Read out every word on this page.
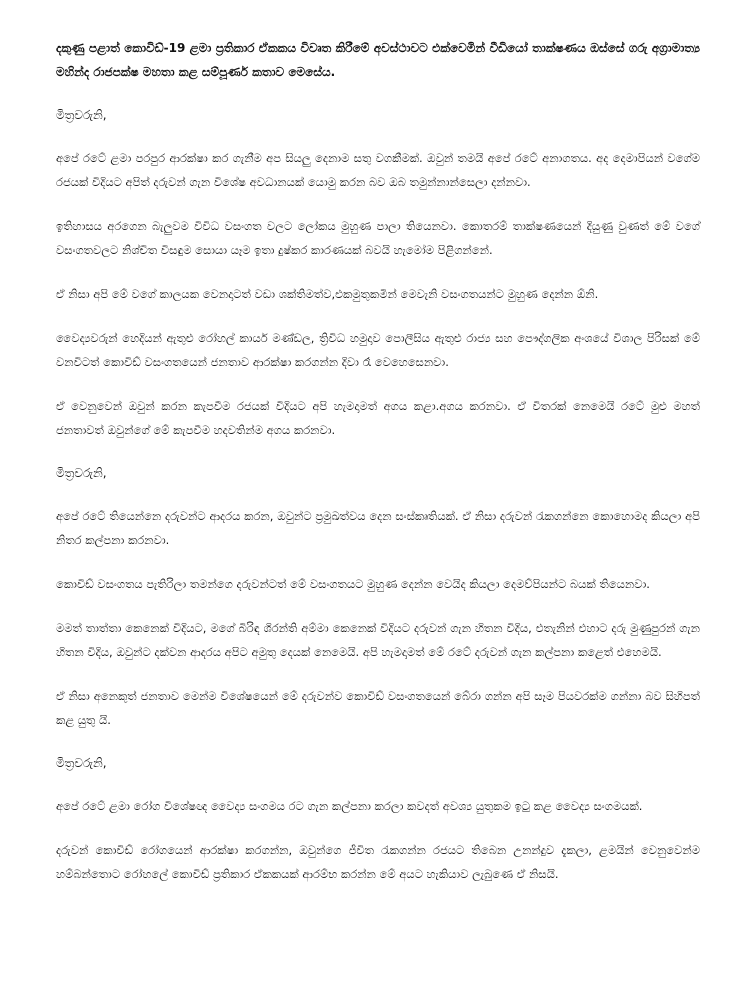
දකුණු පළාත් කොවිඩ්-19 ළමා ප්‍රතිකාර ඒකකය විවෘත කිරීමේ අවස්ථාවට එක්වෙමින් වීඩියෝ තාක්ෂණය ඔස්සේ ගරු අග්‍රාමාත්‍ය මහින්ද රාජපක්ෂ මහතා කළ සම්පූර්ණ කතාව මෙසේය.
මිත්‍රවරුනි,
අපේ රටේ ළමා පරපුර ආරක්ෂා කර ගැනීම අප සියලු දෙනාම සතු වගකීමක්. ඔවුන් තමයි අපේ රටේ අනාගතය. අද දෙමාපියන් වගේම රජයක් විදියට අපිත් දරුවන් ගැන විශේෂ අවධානයක් යොමු කරන බව ඔබ තමුන්නාන්සෙලා දන්නවා.
ඉතිහාසය අරගෙන බැලුවම විවිධ වසංගත වලට ලෝකය මුහුණ පාලා තියෙනවා. කොතරම් තාක්ෂණයෙන් දියුණු වුණත් මේ වගේ වසංගතවලට නිශ්චිත විසඳුම සොයා යෑම ඉතා දුෂ්කර කාරණයක් බවයි හැමෝම පිළිගන්නේ.
ඒ නිසා අපි මේ වගේ කාලයක වෙනදාටත් වඩා ශක්තිමත්ව,එකමුතුකමින් මෙවැනි වසංගතයන්ට මුහුණ දෙන්න ඕනි.
වෛද්‍යවරුන් හෙදියන් ඇතුළු රෝහල් කාර්ය මණ්ඩල, ත්‍රිවිධ හමුදාව පොලීසිය ඇතුළු රාජ්‍ය සහ පෞද්ගලික අංශයේ විශාල පිරිසක් මේ වනවිටත් කොවිඩ් වසංගතයෙන් ජනතාව ආරක්ෂා කරගන්න දිවා රෑ වෙහෙසෙනවා.
ඒ වෙනුවෙන් ඔවුන් කරන කැපවීම රජයක් විදියට අපි හැමදාමත් අගය කළා.අගය කරනවා. ඒ විතරක් නෙමෙයි රටේ මුළු මහත් ජනතාවත් ඔවුන්ගේ මේ කැපවීම හදවතින්ම අගය කරනවා.
මිත්‍රවරුනි,
අපේ රටේ තියෙන්නෙ දරුවන්ට ආදරය කරන, ඔවුන්ට ප්‍රමුඛත්වය දෙන සංස්කෘතියක්. ඒ නිසා දරුවන් රැකගන්නෙ කොහොමද කියලා අපි නිතර කල්පනා කරනවා.
කොවිඩ් වසංගතය පැතිරිලා තමන්ගෙ දරුවන්ටත් මේ වසංගතයට මුහුණ දෙන්න වෙයිද කියලා දෙමව්පියන්ට බයක් තියෙනවා.
මමත් තාත්තා කෙනෙක් විදියට, මගේ බිරිඳ ශිරන්ති අම්මා කෙනෙක් විදියට දරුවන් ගැන හිතන විදිය, එතැනින් එහාට දරු මුණුපුරන් ගැන හිතන විදිය, ඔවුන්ට දක්වන ආදරය අපිට අමුතු දෙයක් නෙමෙයි. අපි හැමදාමත් මේ රටේ දරුවන් ගැන කල්පනා කළෙත් එහෙමයි.
ඒ නිසා අනෙකුත් ජනතාව මෙන්ම විශේෂයෙන් මේ දරුවන්ව කොවිඩ් වසංගතයෙන් බේරා ගන්න අපි සෑම පියවරක්ම ගන්නා බව සිහිපත් කළ යුතු යි.
මිත්‍රවරුනි,
අපේ රටේ ළමා රෝග විශේෂඥ වෛද්‍ය සංගමය රට ගැන කල්පනා කරලා කවදත් අවශ්‍ය යුතුකම ඉටු කළ වෛද්‍ය සංගමයක්.
දරුවන් කොවිඩ් රෝගයෙන් ආරක්ෂා කරගන්න, ඔවුන්ගෙ ජීවිත රැකගන්න රජයට තිබෙන උනන්දුව දැකලා, ළමයින් වෙනුවෙන්ම හම්බන්තොට රෝහලේ කොවිඩ් ප්‍රතිකාර ඒකකයක් ආරම්භ කරන්න මේ අයට හැකියාව ලැබුණෙ ඒ නිසයි.
